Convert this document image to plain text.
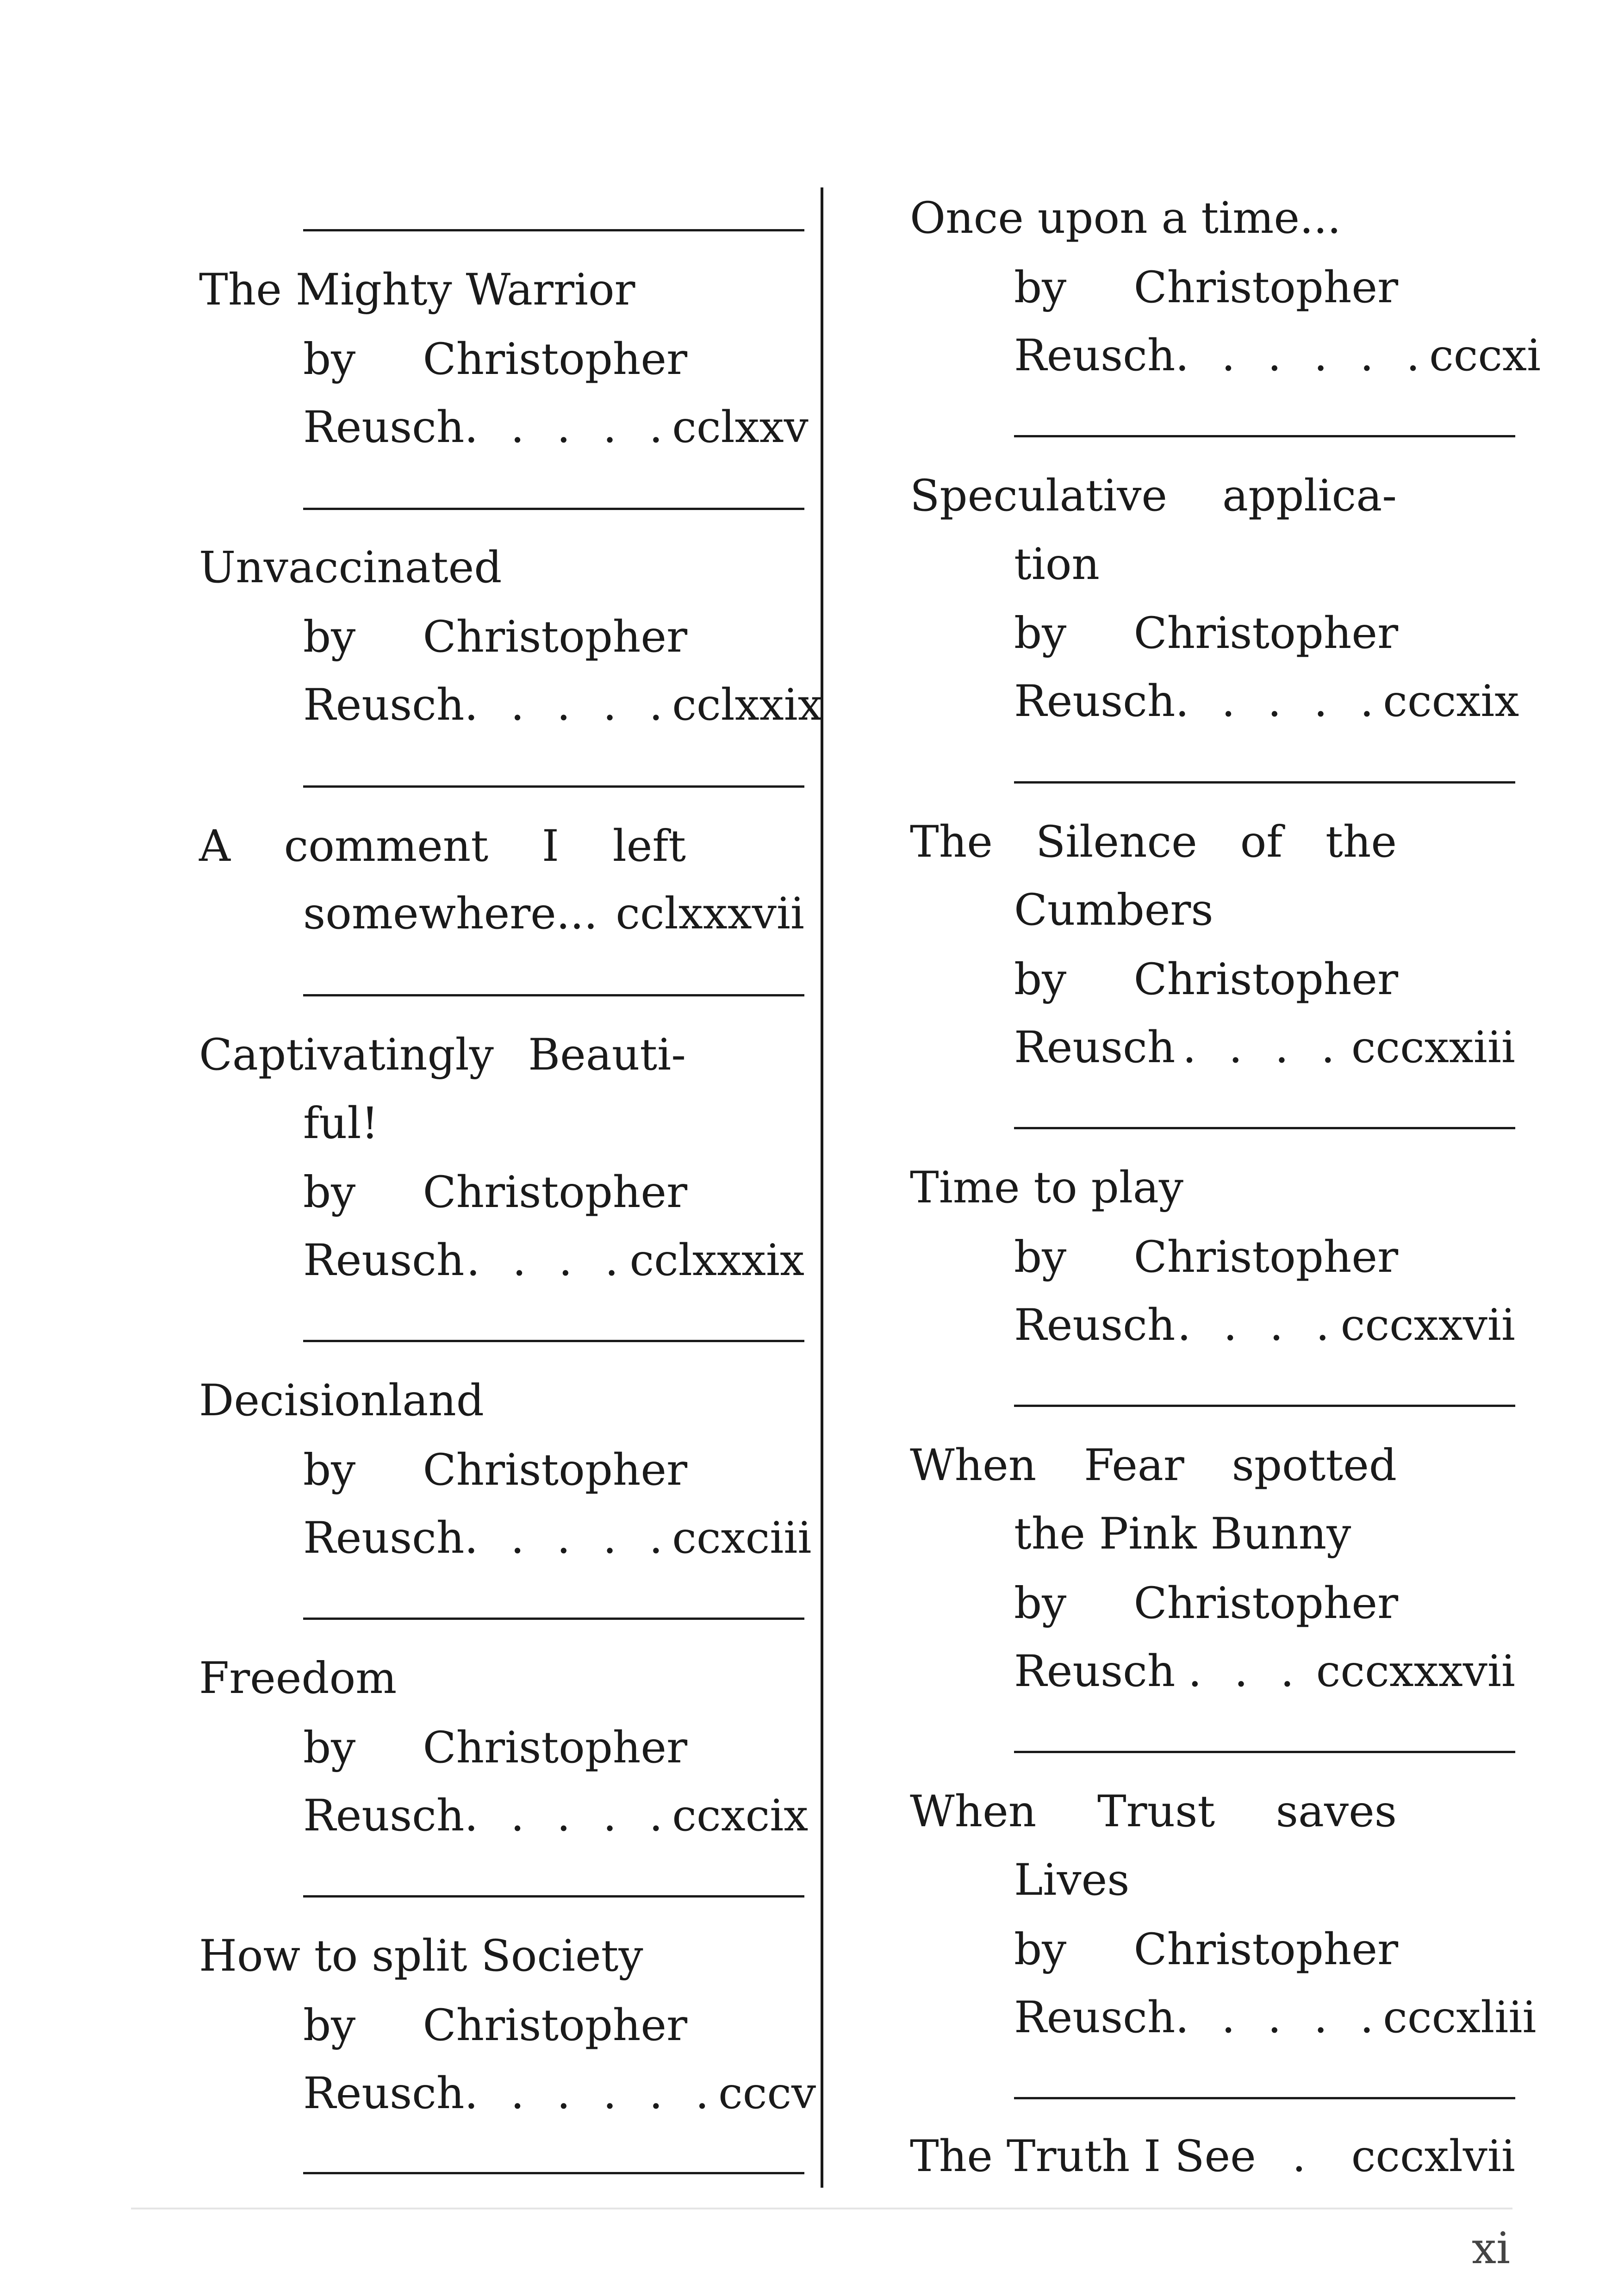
The Mighty Warrior
by Christopher
Reusch . . . . . cclxxv
Unvaccinated
by Christopher
Reusch . . . . . cclxxix
A comment I left
somewhere... cclxxxvii
Captivatingly Beauti-
ful!
by Christopher
Reusch . . . . cclxxxix
Decisionland
by Christopher
Reusch . . . . . ccxciii
Freedom
by Christopher
Reusch . . . . . ccxcix
How to split Society
by Christopher
Reusch . . . . . . cccv
Once upon a time...
by Christopher
Reusch . . . . . . cccxi
Speculative applica-
tion
by Christopher
Reusch . . . . . cccxix
The Silence of the
Cumbers
by Christopher
Reusch . . . . cccxxiii
Time to play
by Christopher
Reusch . . . . cccxxvii
When Fear spotted
the Pink Bunny
by Christopher
Reusch . . . cccxxxvii
When Trust saves
Lives
by Christopher
Reusch . . . . . cccxliii
The Truth I See . cccxlvii
xi
